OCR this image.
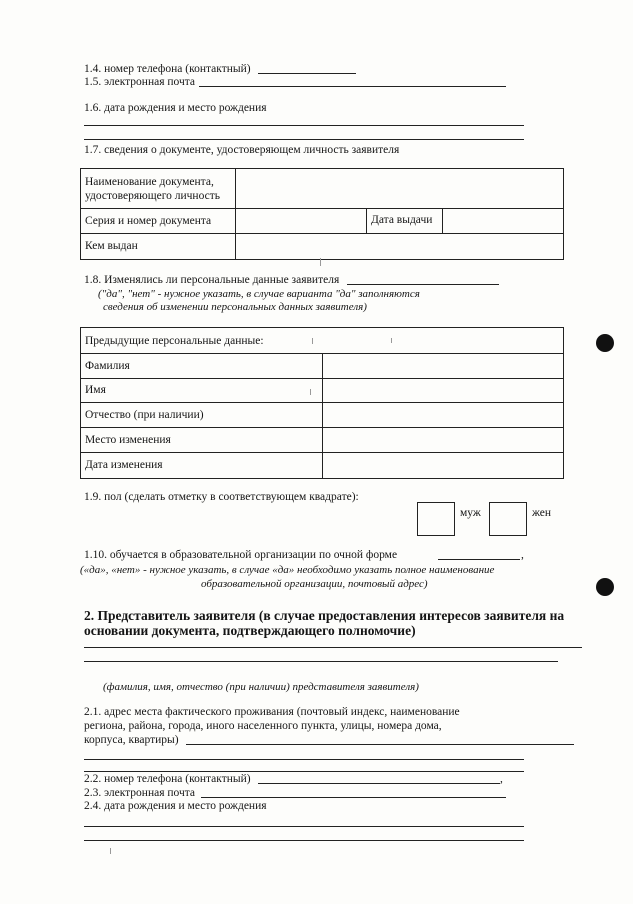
1.4. номер телефона (контактный)
1.5. электронная почта
1.6. дата рождения и место рождения
1.7. сведения о документе, удостоверяющем личность заявителя
Наименование документа,
удостоверяющего личность
Серия и номер документа	Дата выдачи
Кем выдан
1.8. Изменялись ли персональные данные заявителя
("да", "нет" - нужное указать, в случае варианта "да" заполняются
сведения об изменении персональных данных заявителя)
Предыдущие персональные данные:
Фамилия
Имя
Отчество (при наличии)
Место изменения
Дата изменения
1.9. пол (сделать отметку в соответствующем квадрате):
муж	жен
1.10. обучается в образовательной организации по очной форме	,
(«да», «нет» - нужное указать, в случае «да» необходимо указать полное наименование
образовательной организации, почтовый адрес)
2. Представитель заявителя (в случае предоставления интересов заявителя на
основании документа, подтверждающего полномочие)
(фамилия, имя, отчество (при наличии) представителя заявителя)
2.1. адрес места фактического проживания (почтовый индекс, наименование
региона, района, города, иного населенного пункта, улицы, номера дома,
корпуса, квартиры)
2.2. номер телефона (контактный)	,
2.3. электронная почта
2.4. дата рождения и место рождения
